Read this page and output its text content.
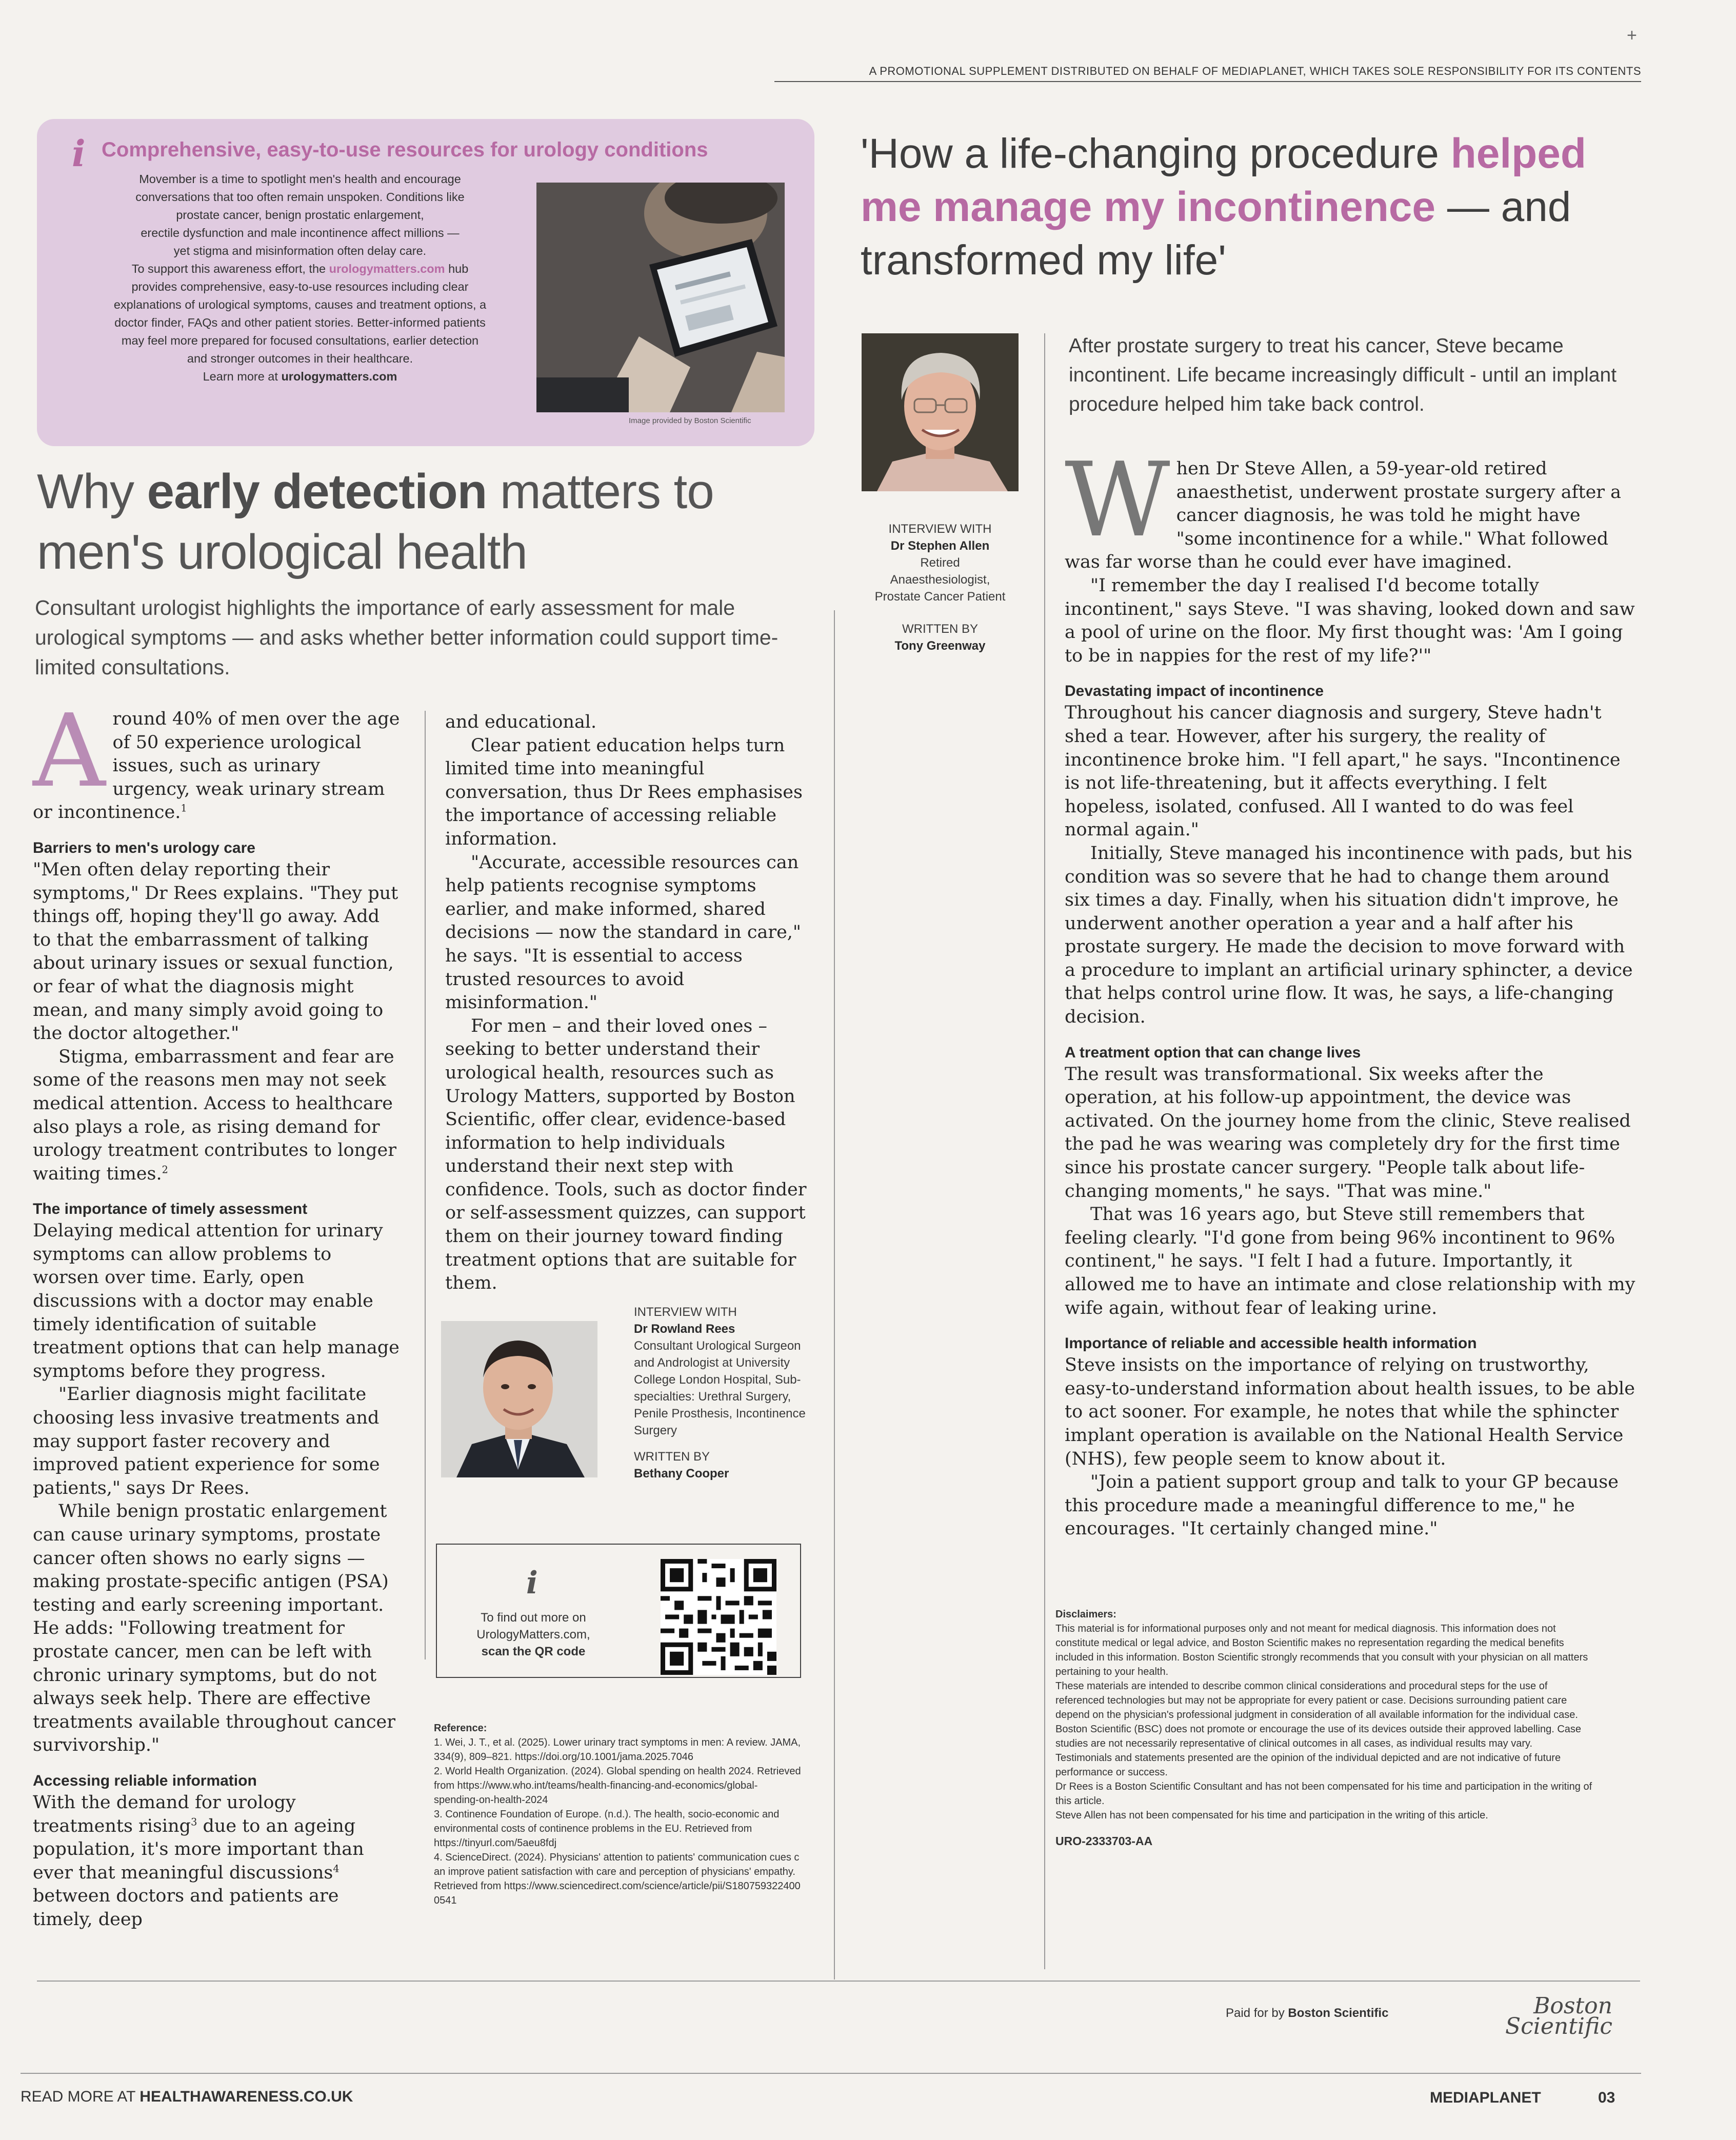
A PROMOTIONAL SUPPLEMENT DISTRIBUTED ON BEHALF OF MEDIAPLANET, WHICH TAKES SOLE RESPONSIBILITY FOR ITS CONTENTS
+
i Comprehensive, easy-to-use resources for urology conditions
Movember is a time to spotlight men's health and encourage
conversations that too often remain unspoken. Conditions like
prostate cancer, benign prostatic enlargement,
erectile dysfunction and male incontinence affect millions —
yet stigma and misinformation often delay care.
To support this awareness effort, the urologymatters.com hub
provides comprehensive, easy-to-use resources including clear
explanations of urological symptoms, causes and treatment options, a
doctor finder, FAQs and other patient stories. Better-informed patients
may feel more prepared for focused consultations, earlier detection
and stronger outcomes in their healthcare.
Learn more at urologymatters.com
Image provided by Boston Scientific
Why early detection matters to
men's urological health
Consultant urologist highlights the importance of early assessment for male urological symptoms — and asks whether better information could support time-limited consultations.

Around 40% of men over the age of 50 experience urological issues, such as urinary urgency, weak urinary stream or incontinence.$^1$

Barriers to men's urology care

"Men often delay reporting their symptoms," Dr Rees explains. "They put things off, hoping they'll go away. Add to that the embarrassment of talking about urinary issues or sexual function, or fear of what the diagnosis might mean, and many simply avoid going to the doctor altogether."

Stigma, embarrassment and fear are some of the reasons men may not seek medical attention. Access to healthcare also plays a role, as rising demand for urology treatment contributes to longer waiting times.$^2$

The importance of timely assessment

Delaying medical attention for urinary symptoms can allow problems to worsen over time. Early, open discussions with a doctor may enable timely identification of suitable treatment options that can help manage symptoms before they progress.

"Earlier diagnosis might facilitate choosing less invasive treatments and may support faster recovery and improved patient experience for some patients," says Dr Rees.

While benign prostatic enlargement can cause urinary symptoms, prostate cancer often shows no early signs — making prostate-specific antigen (PSA) testing and early screening important. He adds: "Following treatment for prostate cancer, men can be left with chronic urinary symptoms, but do not always seek help. There are effective treatments available throughout cancer survivorship."

Accessing reliable information

With the demand for urology treatments rising$^3$ due to an ageing population, it's more important than ever that meaningful discussions$^4$ between doctors and patients are timely, deep

and educational.

Clear patient education helps turn limited time into meaningful conversation, thus Dr Rees emphasises the importance of accessing reliable information.

"Accurate, accessible resources can help patients recognise symptoms earlier, and make informed, shared decisions — now the standard in care," he says. "It is essential to access trusted resources to avoid misinformation."

For men – and their loved ones – seeking to better understand their urological health, resources such as Urology Matters, supported by Boston Scientific, offer clear, evidence-based information to help individuals understand their next step with confidence. Tools, such as doctor finder or self-assessment quizzes, can support them on their journey toward finding treatment options that are suitable for them.

INTERVIEW WITH
Dr Rowland Rees
Consultant Urological Surgeon and Andrologist at University College London Hospital, Sub-specialties: Urethral Surgery, Penile Prosthesis, Incontinence Surgery
WRITTEN BY
Bethany Cooper
i
To find out more on UrologyMatters.com,
scan the QR code
Reference:
1. Wei, J. T., et al. (2025). Lower urinary tract symptoms in men: A review. JAMA, 334(9), 809–821. https://doi.org/10.1001/jama.2025.7046
2. World Health Organization. (2024). Global spending on health 2024. Retrieved from https://www.who.int/teams/health-financing-and-economics/global-spending-on-health-2024
3. Continence Foundation of Europe. (n.d.). The health, socio-economic and environmental costs of continence problems in the EU. Retrieved from https://tinyurl.com/5aeu8fdj
4. ScienceDirect. (2024). Physicians' attention to patients' communication cues can improve patient satisfaction with care and perception of physicians' empathy. Retrieved from https://www.sciencedirect.com/science/article/pii/S1807593224000541
'How a life-changing procedure helped
me manage my incontinence — and
transformed my life'
INTERVIEW WITH
Dr Stephen Allen
Retired
Anaesthesiologist,
Prostate Cancer Patient
WRITTEN BY
Tony Greenway
After prostate surgery to treat his cancer, Steve became incontinent. Life became increasingly difficult - until an implant procedure helped him take back control.

When Dr Steve Allen, a 59-year-old retired anaesthetist, underwent prostate surgery after a cancer diagnosis, he was told he might have "some incontinence for a while." What followed was far worse than he could ever have imagined.

"I remember the day I realised I'd become totally incontinent," says Steve. "I was shaving, looked down and saw a pool of urine on the floor. My first thought was: 'Am I going to be in nappies for the rest of my life?'"

Devastating impact of incontinence

Throughout his cancer diagnosis and surgery, Steve hadn't shed a tear. However, after his surgery, the reality of incontinence broke him. "I fell apart," he says. "Incontinence is not life-threatening, but it affects everything. I felt hopeless, isolated, confused. All I wanted to do was feel normal again."

Initially, Steve managed his incontinence with pads, but his condition was so severe that he had to change them around six times a day. Finally, when his situation didn't improve, he underwent another operation a year and a half after his prostate surgery. He made the decision to move forward with a procedure to implant an artificial urinary sphincter, a device that helps control urine flow. It was, he says, a life-changing decision.

A treatment option that can change lives

The result was transformational. Six weeks after the operation, at his follow-up appointment, the device was activated. On the journey home from the clinic, Steve realised the pad he was wearing was completely dry for the first time since his prostate cancer surgery. "People talk about life-changing moments," he says. "That was mine."

That was 16 years ago, but Steve still remembers that feeling clearly. "I'd gone from being 96% incontinent to 96% continent," he says. "I felt I had a future. Importantly, it allowed me to have an intimate and close relationship with my wife again, without fear of leaking urine.

Importance of reliable and accessible health information

Steve insists on the importance of relying on trustworthy, easy-to-understand information about health issues, to be able to act sooner. For example, he notes that while the sphincter implant operation is available on the National Health Service (NHS), few people seem to know about it.

"Join a patient support group and talk to your GP because this procedure made a meaningful difference to me," he encourages. "It certainly changed mine."

Disclaimers:
This material is for informational purposes only and not meant for medical diagnosis. This information does not constitute medical or legal advice, and Boston Scientific makes no representation regarding the medical benefits included in this information. Boston Scientific strongly recommends that you consult with your physician on all matters pertaining to your health.
These materials are intended to describe common clinical considerations and procedural steps for the use of referenced technologies but may not be appropriate for every patient or case. Decisions surrounding patient care depend on the physician's professional judgment in consideration of all available information for the individual case.
Boston Scientific (BSC) does not promote or encourage the use of its devices outside their approved labelling. Case studies are not necessarily representative of clinical outcomes in all cases, as individual results may vary.
Testimonials and statements presented are the opinion of the individual depicted and are not indicative of future performance or success.
Dr Rees is a Boston Scientific Consultant and has not been compensated for his time and participation in the writing of this article.
Steve Allen has not been compensated for his time and participation in the writing of this article.
URO-2333703-AA
Paid for by Boston Scientific	Boston
Scientific
READ MORE AT HEALTHAWARENESS.CO.UK	MEDIAPLANET	03
